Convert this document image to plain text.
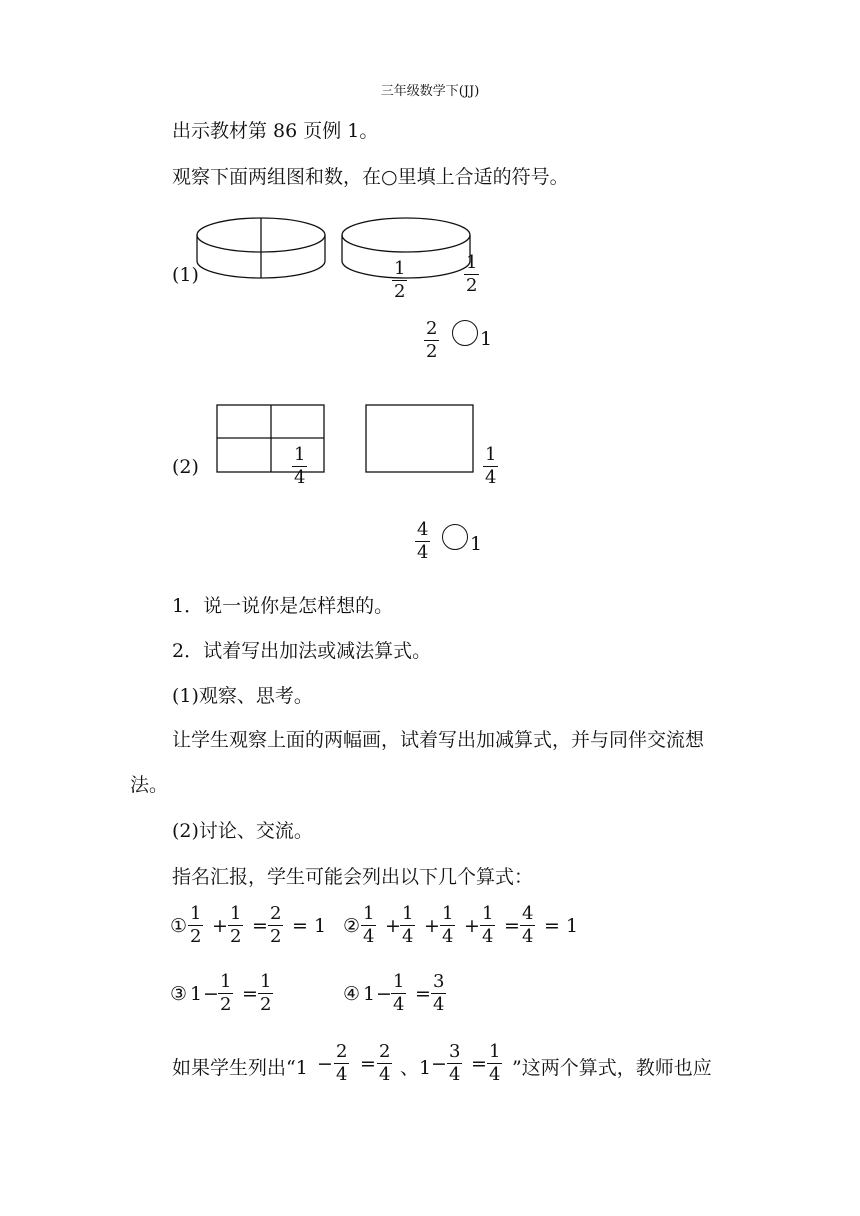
三年级数学下(JJ)
出示教材第 86 页例 1。
观察下面两组图和数，在○里填上合适的符号。
(1)	$\frac{1}{2}$	$\frac{1}{2}$
$\frac{2}{2} 1$
(2)	$\frac{1}{4}$	$\frac{1}{4}$
$\frac{4}{4} 1$
1．说一说你是怎样想的。
2．试着写出加法或减法算式。
(1)观察、思考。
让学生观察上面的两幅画，试着写出加减算式，并与同伴交流想
法。
(2)讨论、交流。
指名汇报，学生可能会列出以下几个算式：
① $\frac{1}{2} + \frac{1}{2} = \frac{2}{2} = 1$ ② $\frac{1}{4} + \frac{1}{4} + \frac{1}{4} + \frac{1}{4} = \frac{4}{4} = 1$
③ $1 - \frac{1}{2} = \frac{1}{2}$	④ $1 - \frac{1}{4} = \frac{3}{4}$
如果学生列出“$1 - \frac{2}{4} = \frac{2}{4}$ 、$1 - \frac{3}{4} = \frac{1}{4}$ ”这两个算式，教师也应
